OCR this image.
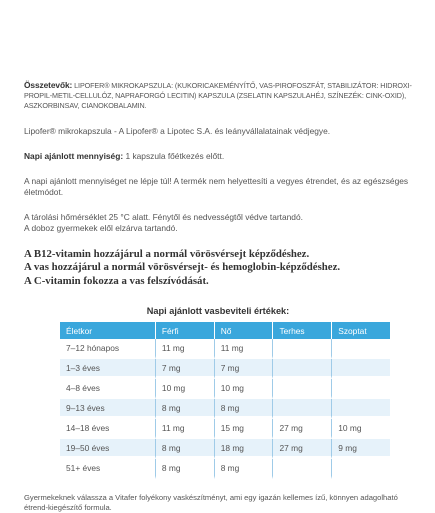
Összetevők: LIPOFER® MIKROKAPSZULA: (KUKORICAKEMÉNYÍTŐ, VAS-PIROFOSZFÁT, STABILIZÁTOR: HIDROXI-PROPIL-METIL-CELLULÓZ, NAPRAFORGÓ LECITIN) KAPSZULA (ZSELATIN KAPSZULAHÉJ, SZÍNEZÉK: CINK-OXID), ASZKORBINSAV, CIANOKOBALAMIN.
Lipofer® mikrokapszula - A Lipofer® a Lipotec S.A. és leányvállalatainak védjegye.
Napi ajánlott mennyiség: 1 kapszula főétkezés előtt.
A napi ajánlott mennyiséget ne lépje túl! A termék nem helyettesíti a vegyes étrendet, és az egészséges életmódot.
A tárolási hőmérséklet 25 °C alatt. Fénytől és nedvességtől védve tartandó.
A doboz gyermekek elől elzárva tartandó.
A B12-vitamin hozzájárul a normál vörösvérsejt képződéshez.
A vas hozzájárul a normál vörösvérsejt- és hemoglobin-képződéshez.
A C-vitamin fokozza a vas felszívódását.
Napi ajánlott vasbeviteli értékek:
Életkor	Férfi	Nő	Terhes	Szoptat
7–12 hónapos	11 mg	11 mg		
1–3 éves	7 mg	7 mg		
4–8 éves	10 mg	10 mg		
9–13 éves	8 mg	8 mg		
14–18 éves	11 mg	15 mg	27 mg	10 mg
19–50 éves	8 mg	18 mg	27 mg	9 mg
51+ éves	8 mg	8 mg		
Gyermekeknek válassza a Vitafer folyékony vaskészítményt, ami egy igazán kellemes ízű, könnyen adagolható étrend-kiegészítő formula.
